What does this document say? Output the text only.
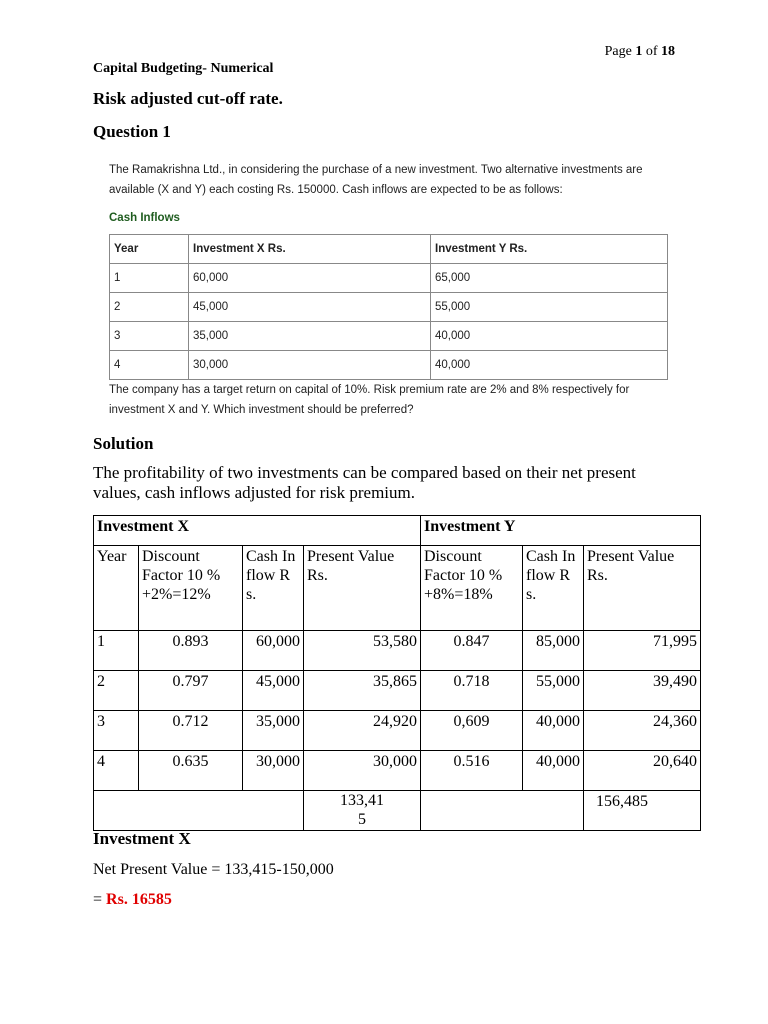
Page 1 of 18
Capital Budgeting- Numerical
Risk adjusted cut-off rate.
Question 1

The Ramakrishna Ltd., in considering the purchase of a new investment. Two alternative investments are available (X and Y) each costing Rs. 150000. Cash inflows are expected to be as follows:

Cash Inflows

Year	Investment X Rs.	Investment Y Rs.
1	60,000	65,000
2	45,000	55,000
3	35,000	40,000
4	30,000	40,000

The company has a target return on capital of 10%. Risk premium rate are 2% and 8% respectively for investment X and Y. Which investment should be preferred?

Solution
The profitability of two investments can be compared based on their net present values, cash inflows adjusted for risk premium.
Investment X				Investment Y		
Year	Discount Factor 10 % +2%=12%	Cash Inflow Rs.	Present Value Rs.	Discount Factor 10 % +8%=18%	Cash Inflow Rs.	Present Value Rs.
1	0.893	60,000	53,580	0.847	85,000	71,995
2	0.797	45,000	35,865	0.718	55,000	39,490
3	0.712	35,000	24,920	0,609	40,000	24,360
4	0.635	30,000	30,000	0.516	40,000	20,640
			133,415			156,485
Investment X
Net Present Value = 133,415-150,000
= Rs. 16585
